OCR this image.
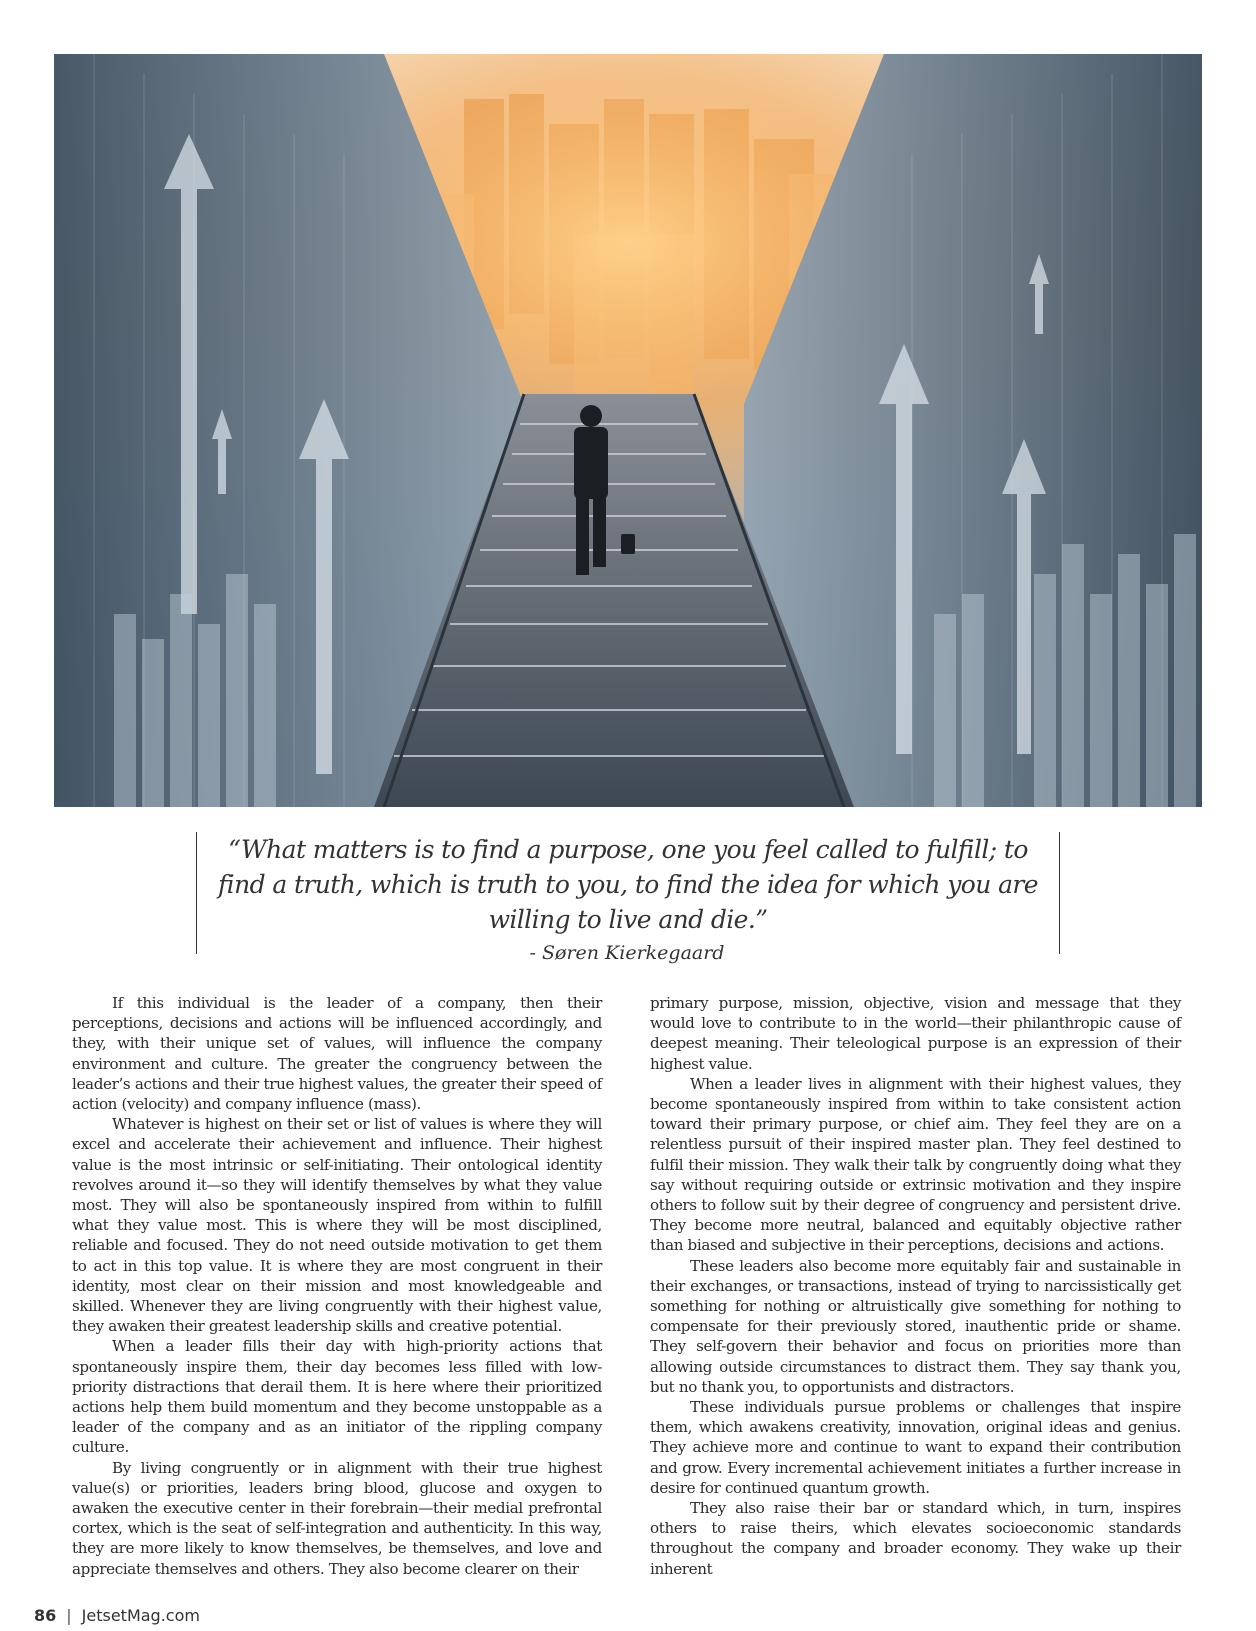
“What matters is to find a purpose, one you feel called to fulfill; to find a truth, which is truth to you, to find the idea for which you are willing to live and die.”

- Søren Kierkegaard

If this individual is the leader of a company, then their perceptions, decisions and actions will be influenced accordingly, and they, with their unique set of values, will influence the company environment and culture. The greater the congruency between the leader’s actions and their true highest values, the greater their speed of action (velocity) and company influence (mass).

Whatever is highest on their set or list of values is where they will excel and accelerate their achievement and influence. Their highest value is the most intrinsic or self-initiating. Their ontological identity revolves around it—so they will identify themselves by what they value most. They will also be spontaneously inspired from within to fulfill what they value most. This is where they will be most disciplined, reliable and focused. They do not need outside motivation to get them to act in this top value. It is where they are most congruent in their identity, most clear on their mission and most knowledgeable and skilled. Whenever they are living congruently with their highest value, they awaken their greatest leadership skills and creative potential.

When a leader fills their day with high-priority actions that spontaneously inspire them, their day becomes less filled with low-priority distractions that derail them. It is here where their prioritized actions help them build momentum and they become unstoppable as a leader of the company and as an initiator of the rippling company culture.

By living congruently or in alignment with their true highest value(s) or priorities, leaders bring blood, glucose and oxygen to awaken the executive center in their forebrain—their medial prefrontal cortex, which is the seat of self-integration and authenticity. In this way, they are more likely to know themselves, be themselves, and love and appreciate themselves and others. They also become clearer on their

primary purpose, mission, objective, vision and message that they would love to contribute to in the world—their philanthropic cause of deepest meaning. Their teleological purpose is an expression of their highest value.

When a leader lives in alignment with their highest values, they become spontaneously inspired from within to take consistent action toward their primary purpose, or chief aim. They feel they are on a relentless pursuit of their inspired master plan. They feel destined to fulfil their mission. They walk their talk by congruently doing what they say without requiring outside or extrinsic motivation and they inspire others to follow suit by their degree of congruency and persistent drive. They become more neutral, balanced and equitably objective rather than biased and subjective in their perceptions, decisions and actions.

These leaders also become more equitably fair and sustainable in their exchanges, or transactions, instead of trying to narcissistically get something for nothing or altruistically give something for nothing to compensate for their previously stored, inauthentic pride or shame. They self-govern their behavior and focus on priorities more than allowing outside circumstances to distract them. They say thank you, but no thank you, to opportunists and distractors.

These individuals pursue problems or challenges that inspire them, which awakens creativity, innovation, original ideas and genius. They achieve more and continue to want to expand their contribution and grow. Every incremental achievement initiates a further increase in desire for continued quantum growth.

They also raise their bar or standard which, in turn, inspires others to raise theirs, which elevates socioeconomic standards throughout the company and broader economy. They wake up their inherent

86 | JetsetMag.com
